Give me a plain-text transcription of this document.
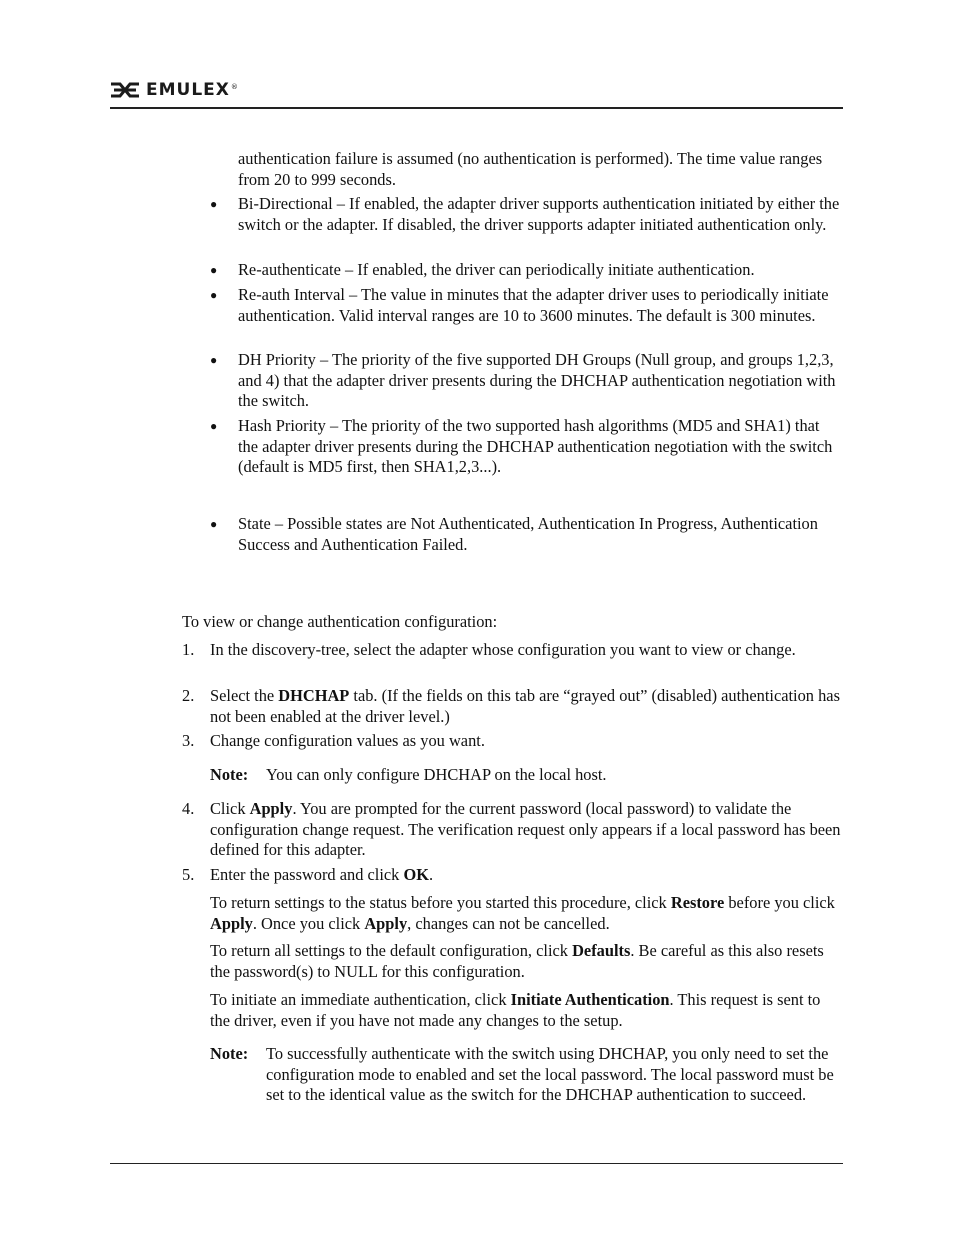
EMULEX ®
authentication failure is assumed (no authentication is performed). The time value ranges from 20 to 999 seconds.
● Bi-Directional – If enabled, the adapter driver supports authentication initiated by either the switch or the adapter. If disabled, the driver supports adapter initiated authentication only.
● Re-authenticate – If enabled, the driver can periodically initiate authentication.
● Re-auth Interval – The value in minutes that the adapter driver uses to periodically initiate authentication. Valid interval ranges are 10 to 3600 minutes. The default is 300 minutes.
● DH Priority – The priority of the five supported DH Groups (Null group, and groups 1,2,3, and 4) that the adapter driver presents during the DHCHAP authentication negotiation with the switch.
● Hash Priority – The priority of the two supported hash algorithms (MD5 and SHA1) that the adapter driver presents during the DHCHAP authentication negotiation with the switch (default is MD5 first, then SHA1,2,3...).
● State – Possible states are Not Authenticated, Authentication In Progress, Authentication Success and Authentication Failed.
To view or change authentication configuration:
1. In the discovery-tree, select the adapter whose configuration you want to view or change.
2. Select the DHCHAP tab. (If the fields on this tab are “grayed out” (disabled) authentication has not been enabled at the driver level.)
3. Change configuration values as you want.
Note: You can only configure DHCHAP on the local host.
4. Click Apply. You are prompted for the current password (local password) to validate the configuration change request. The verification request only appears if a local password has been defined for this adapter.
5. Enter the password and click OK.
To return settings to the status before you started this procedure, click Restore before you click Apply. Once you click Apply, changes can not be cancelled.
To return all settings to the default configuration, click Defaults. Be careful as this also resets the password(s) to NULL for this configuration.
To initiate an immediate authentication, click Initiate Authentication. This request is sent to the driver, even if you have not made any changes to the setup.
Note: To successfully authenticate with the switch using DHCHAP, you only need to set the configuration mode to enabled and set the local password. The local password must be set to the identical value as the switch for the DHCHAP authentication to succeed.
